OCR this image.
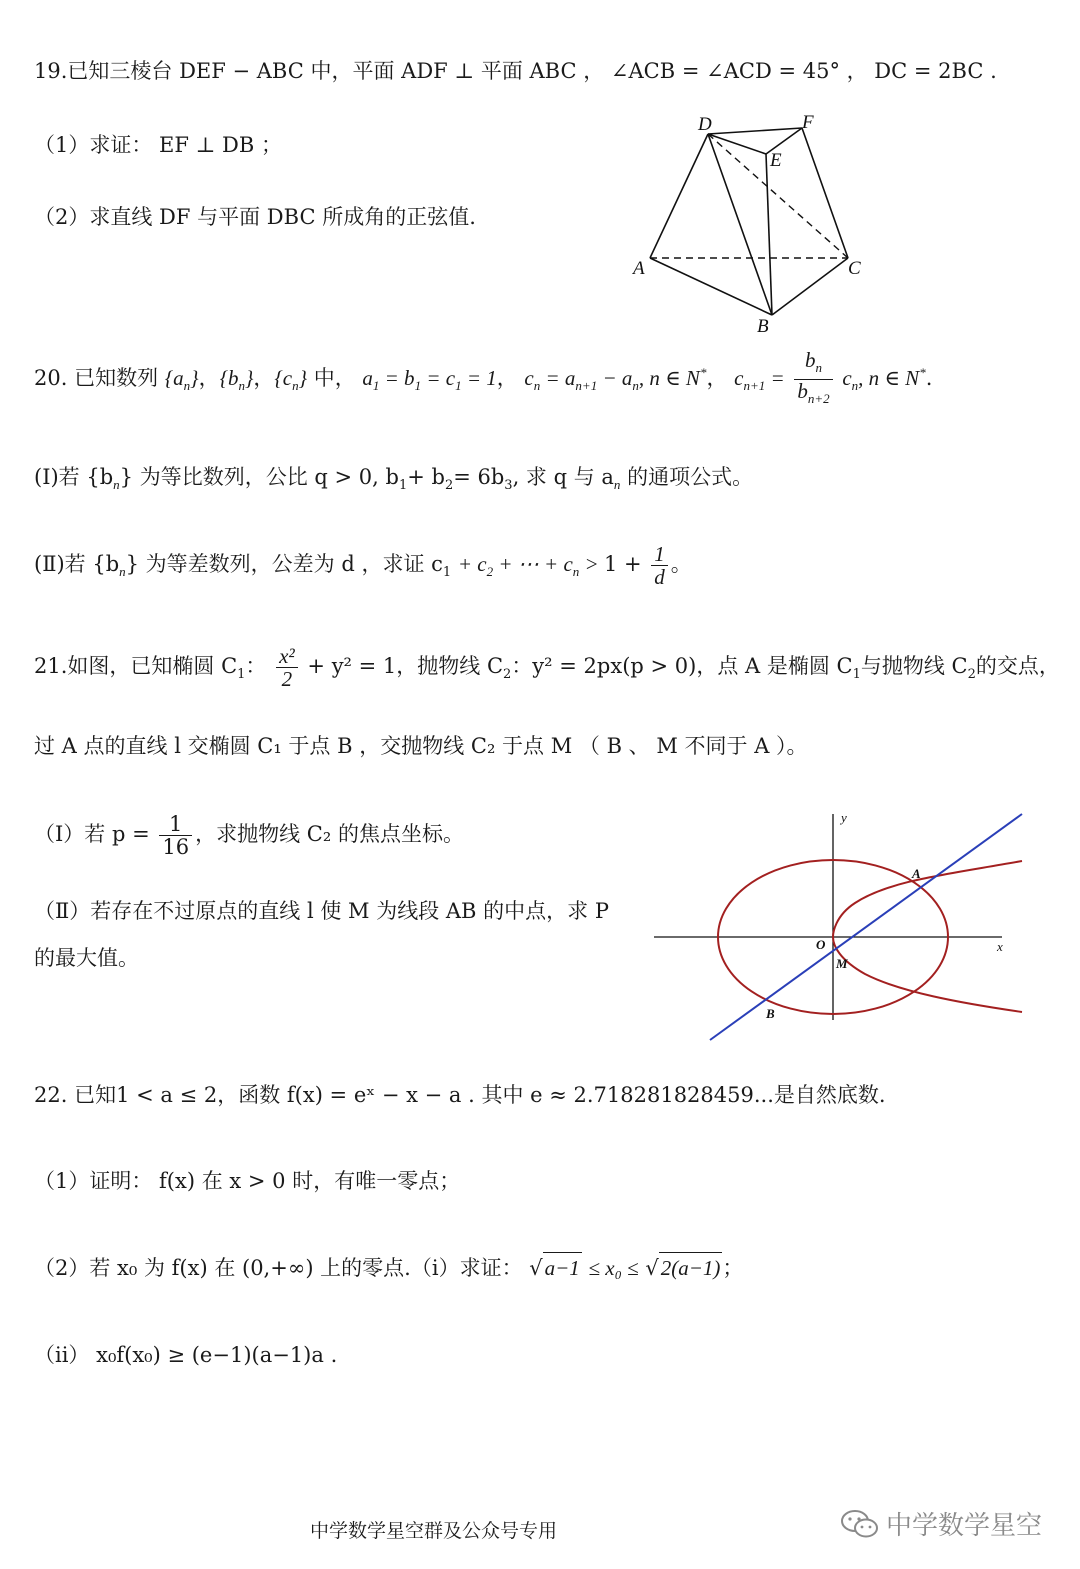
19.已知三棱台 DEF − ABC 中，平面 ADF ⊥ 平面 ABC ， ∠ACB = ∠ACD = 45° ， DC = 2BC .
（1）求证： EF ⊥ DB ；
（2）求直线 DF 与平面 DBC 所成角的正弦值.
D	F
E
A	C
B
20. 已知数列 $\{a_n\}$，$\{b_n\}$，$\{c_n\}$ 中， $a_1 = b_1 = c_1 = 1$， $c_n = a_{n+1} - a_n$, n ∈ N*， $c_{n+1} = \frac{b_n}{b_{n+2}} c_n$, n ∈ N*.
(Ⅰ)若 $\{b_n\}$ 为等比数列，公比 q > 0, $b_1+ b_2= 6b_3$, 求 q 与 $a_n$ 的通项公式。
(Ⅱ)若 $\{b_n\}$ 为等差数列，公差为 d ，求证 $c_1 + c_2$ + ⋯ + $c_n > 1 + \frac{1}{d}$ 。
21.如图，已知椭圆 $C_1$： $\frac{\text{x²}}{2} + y^2 = 1$，抛物线 $C_2$：y² = 2px(p > 0)，点 A 是椭圆 $C_1$与抛物线 $C_2$的交点，
过 A 点的直线 l 交椭圆 C₁ 于点 B ，交抛物线 C₂ 于点 M （ B 、 M 不同于 A ）。
（Ⅰ）若 $p = \frac{1}{16}$ ，求抛物线 C₂ 的焦点坐标。
（Ⅱ）若存在不过原点的直线 l 使 M 为线段 AB 的中点，求 P
的最大值。
y
x
O
A
M
B
22. 已知1 < a ≤ 2，函数 f(x) = eˣ − x − a . 其中 e ≈ 2.718281828459...是自然底数.
（1）证明： f(x) 在 x > 0 时，有唯一零点；
（2）若 x₀ 为 f(x) 在 (0,+∞) 上的零点.（i）求证： √a−1 ≤ x₀ ≤ √2(a−1)；
（ii） x₀f(x₀) ≥ (e−1)(a−1)a .
中学数学星空群及公众号专用	中学数学星空
